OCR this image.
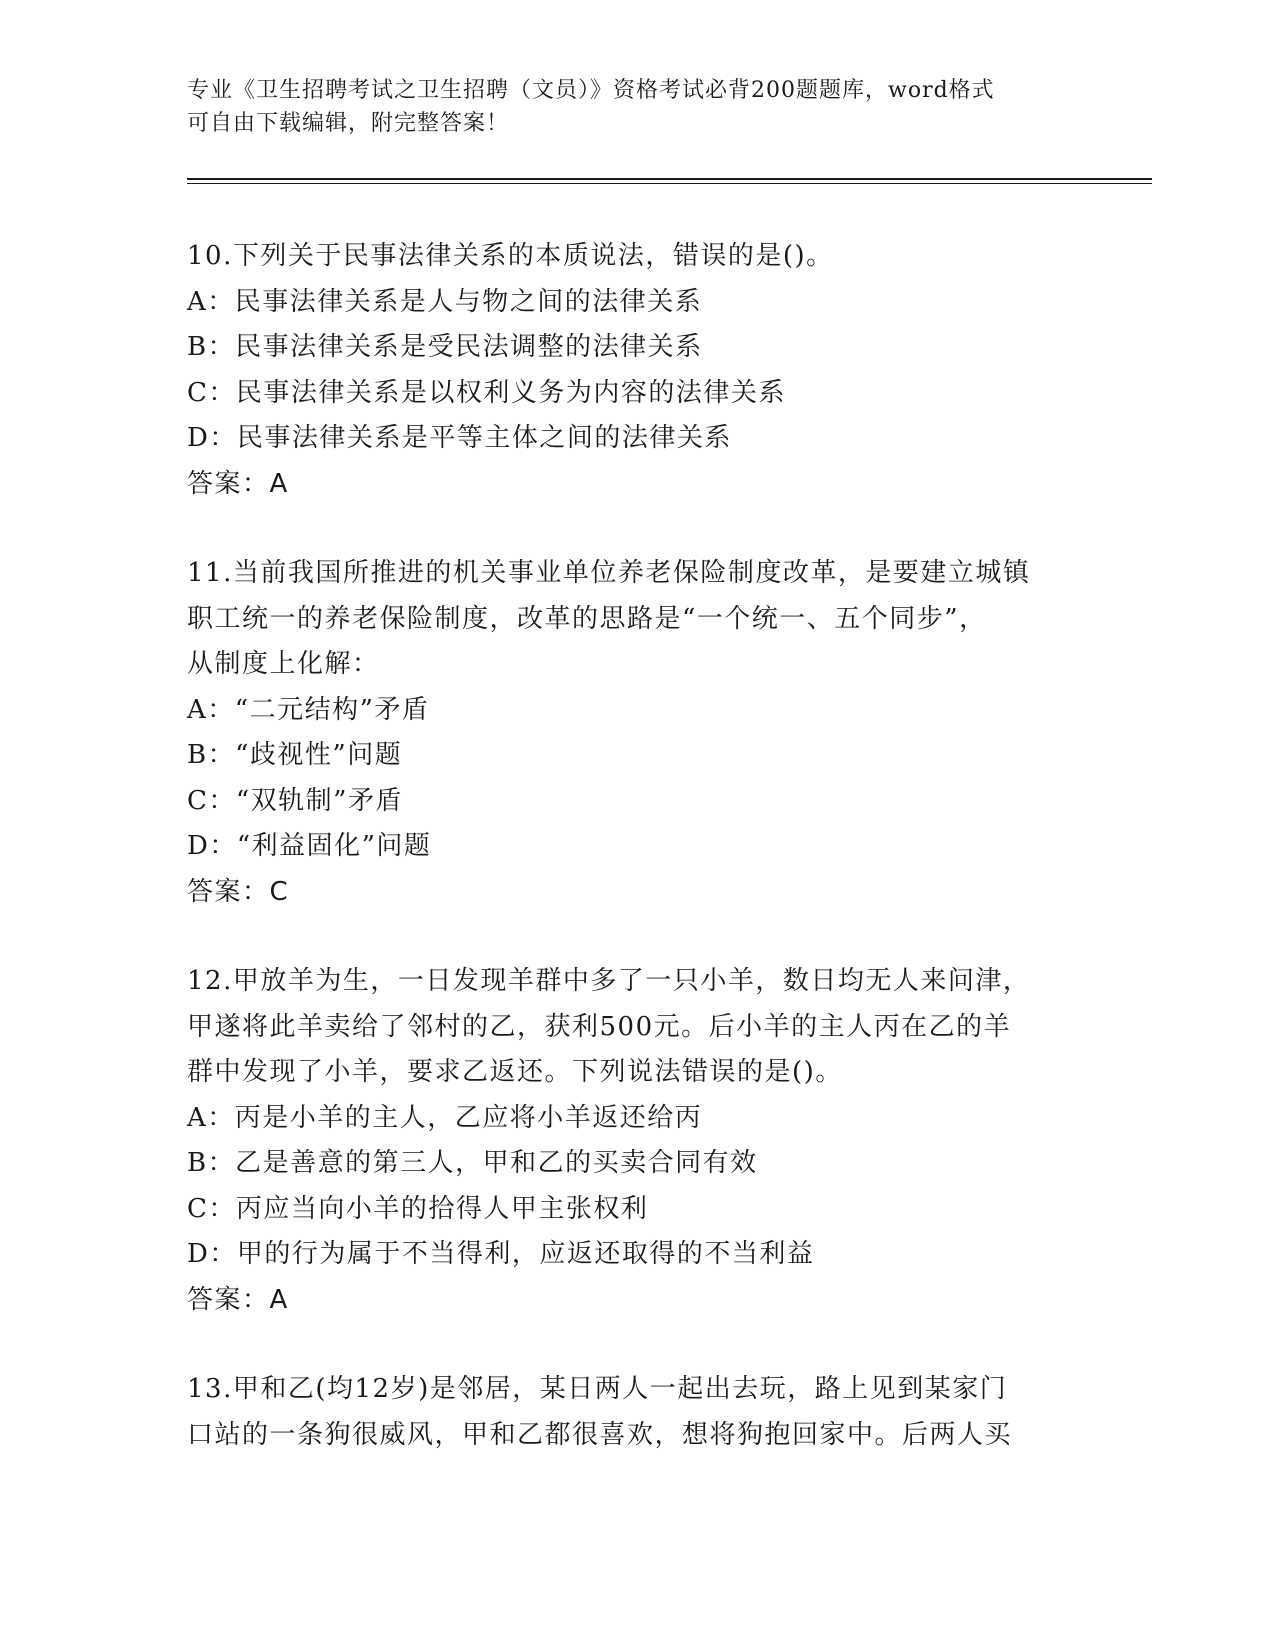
专业《卫生招聘考试之卫生招聘（文员）》资格考试必背200题题库，word格式
可自由下载编辑，附完整答案！
10.下列关于民事法律关系的本质说法，错误的是()。
A：民事法律关系是人与物之间的法律关系
B：民事法律关系是受民法调整的法律关系
C：民事法律关系是以权利义务为内容的法律关系
D：民事法律关系是平等主体之间的法律关系
答案：A
11.当前我国所推进的机关事业单位养老保险制度改革，是要建立城镇
职工统一的养老保险制度，改革的思路是“一个统一、五个同步”，
从制度上化解：
A：“二元结构”矛盾
B：“歧视性”问题
C：“双轨制”矛盾
D：“利益固化”问题
答案：C
12.甲放羊为生，一日发现羊群中多了一只小羊，数日均无人来问津，
甲遂将此羊卖给了邻村的乙，获利500元。后小羊的主人丙在乙的羊
群中发现了小羊，要求乙返还。下列说法错误的是()。
A：丙是小羊的主人，乙应将小羊返还给丙
B：乙是善意的第三人，甲和乙的买卖合同有效
C：丙应当向小羊的拾得人甲主张权利
D：甲的行为属于不当得利，应返还取得的不当利益
答案：A
13.甲和乙(均12岁)是邻居，某日两人一起出去玩，路上见到某家门
口站的一条狗很威风，甲和乙都很喜欢，想将狗抱回家中。后两人买
